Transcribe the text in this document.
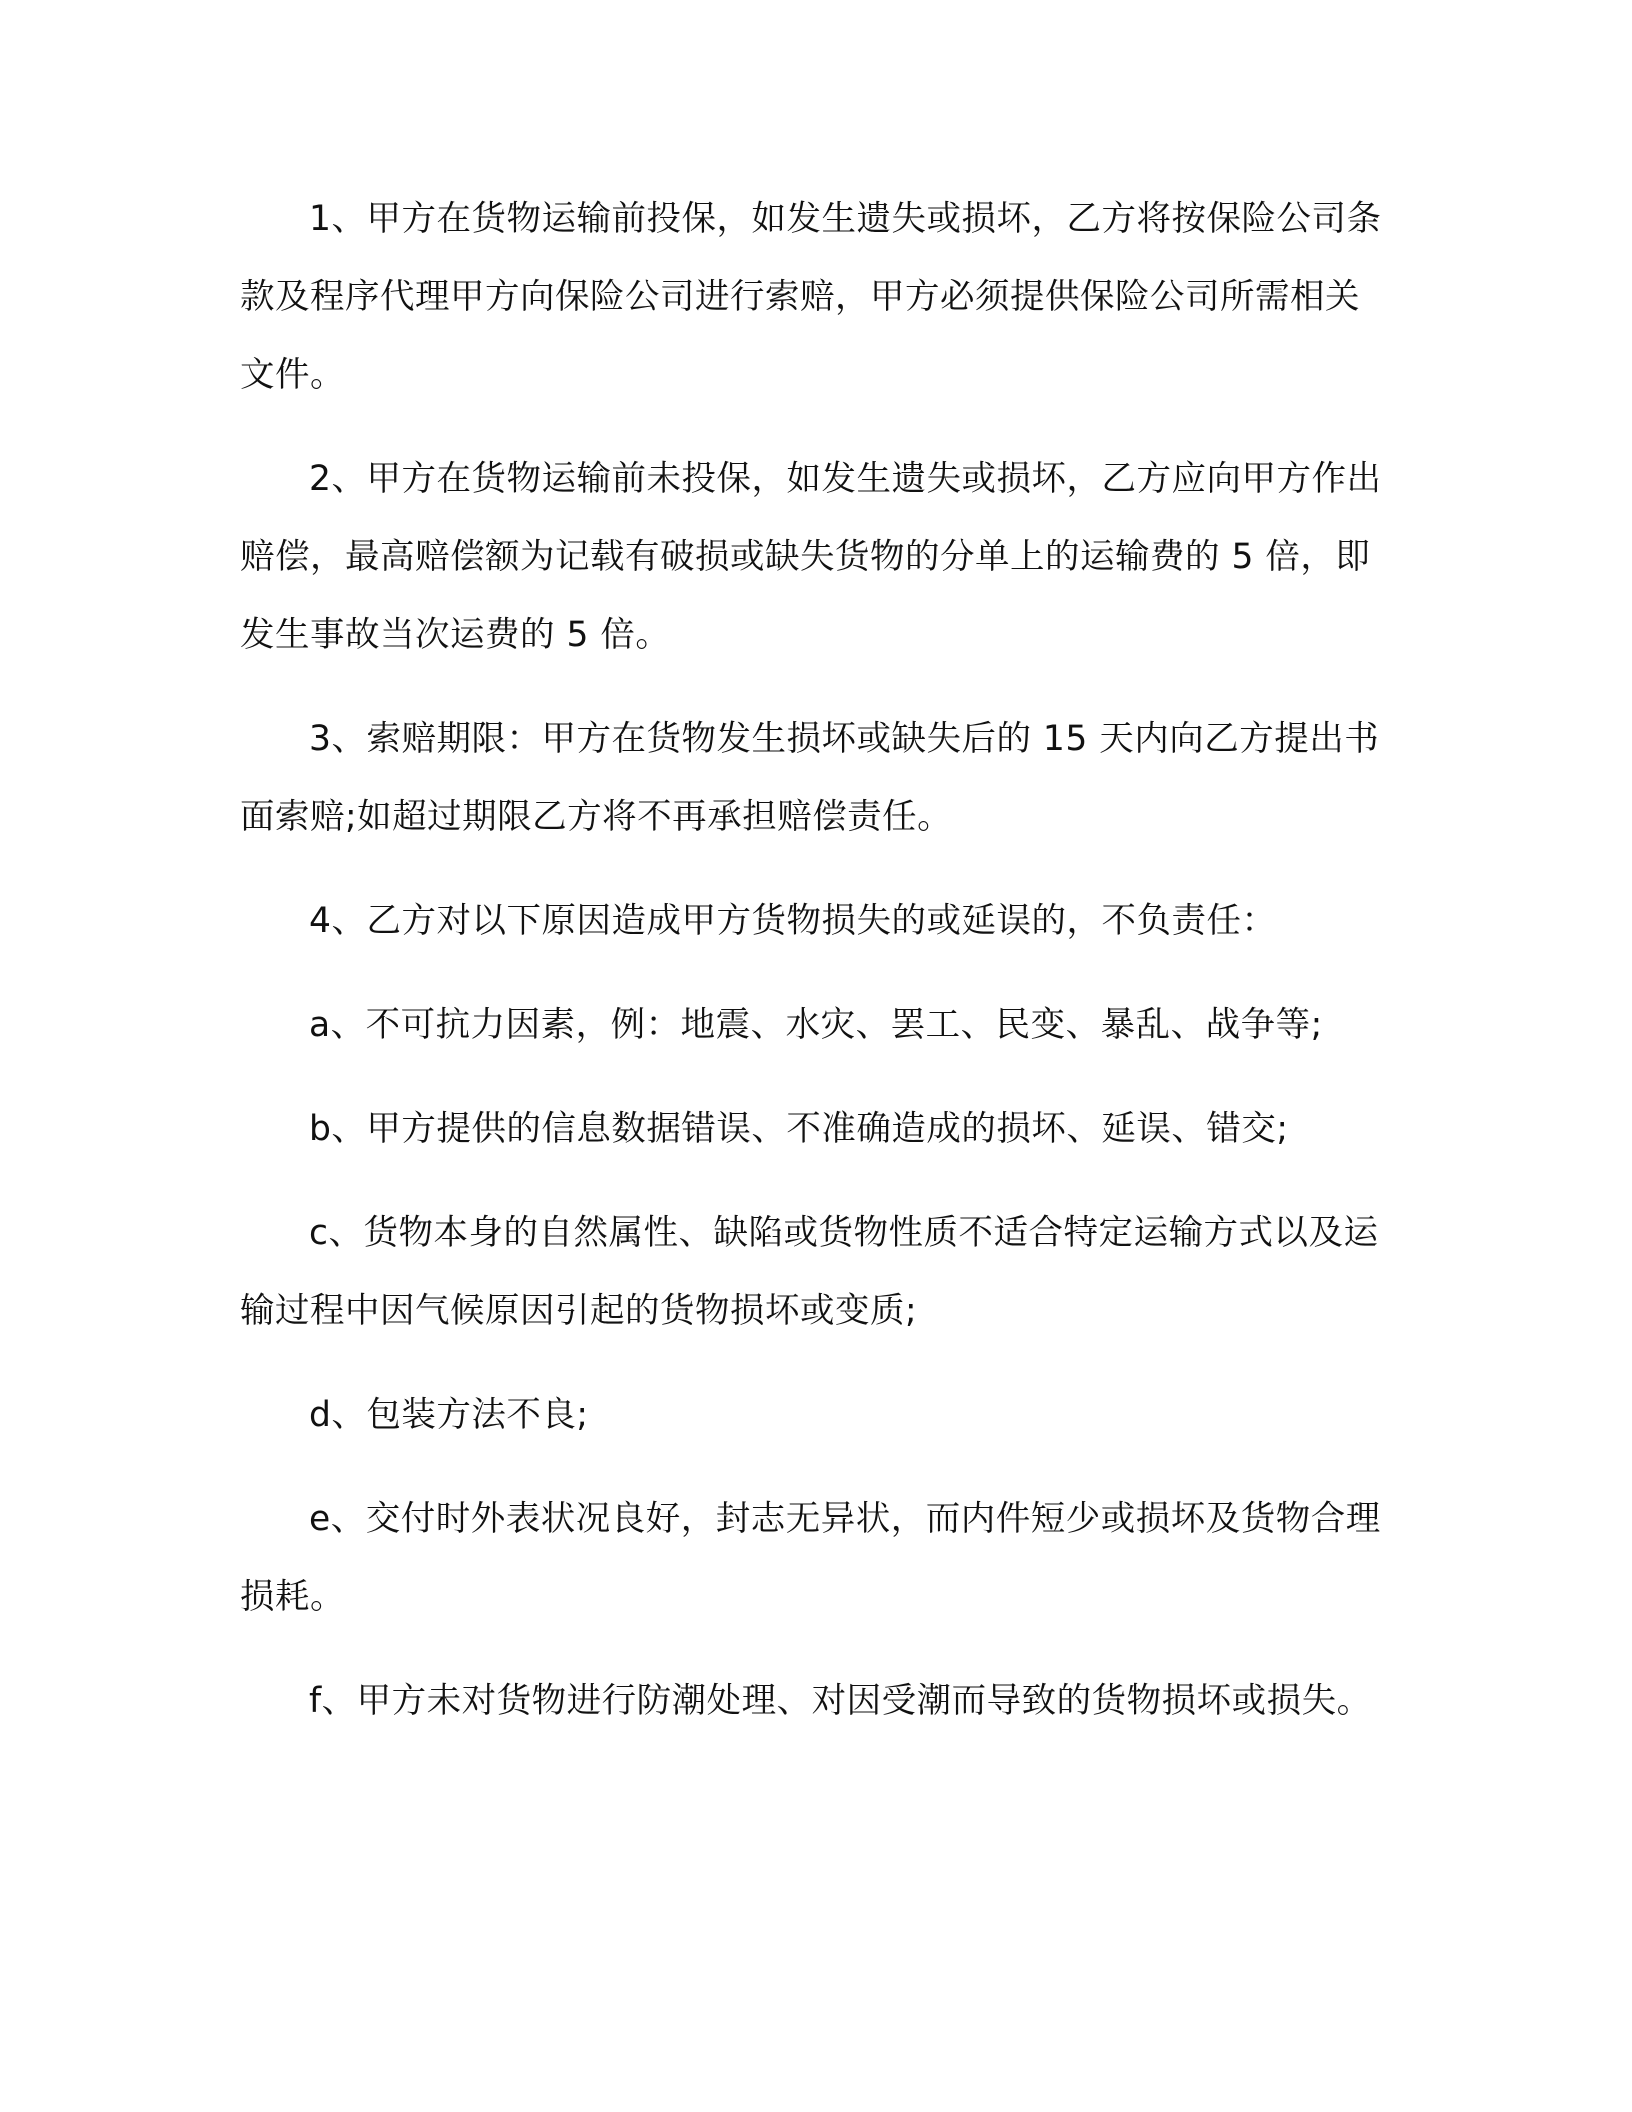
1、甲方在货物运输前投保，如发生遗失或损坏，乙方将按保险公司条款及程序代理甲方向保险公司进行索赔，甲方必须提供保险公司所需相关文件。

2、甲方在货物运输前未投保，如发生遗失或损坏，乙方应向甲方作出赔偿，最高赔偿额为记载有破损或缺失货物的分单上的运输费的 5 倍，即发生事故当次运费的 5 倍。

3、索赔期限：甲方在货物发生损坏或缺失后的 15 天内向乙方提出书面索赔;如超过期限乙方将不再承担赔偿责任。

4、乙方对以下原因造成甲方货物损失的或延误的，不负责任：

a、不可抗力因素，例：地震、水灾、罢工、民变、暴乱、战争等;

b、甲方提供的信息数据错误、不准确造成的损坏、延误、错交;

c、货物本身的自然属性、缺陷或货物性质不适合特定运输方式以及运输过程中因气候原因引起的货物损坏或变质;

d、包装方法不良;

e、交付时外表状况良好，封志无异状，而内件短少或损坏及货物合理损耗。

f、甲方未对货物进行防潮处理、对因受潮而导致的货物损坏或损失。
